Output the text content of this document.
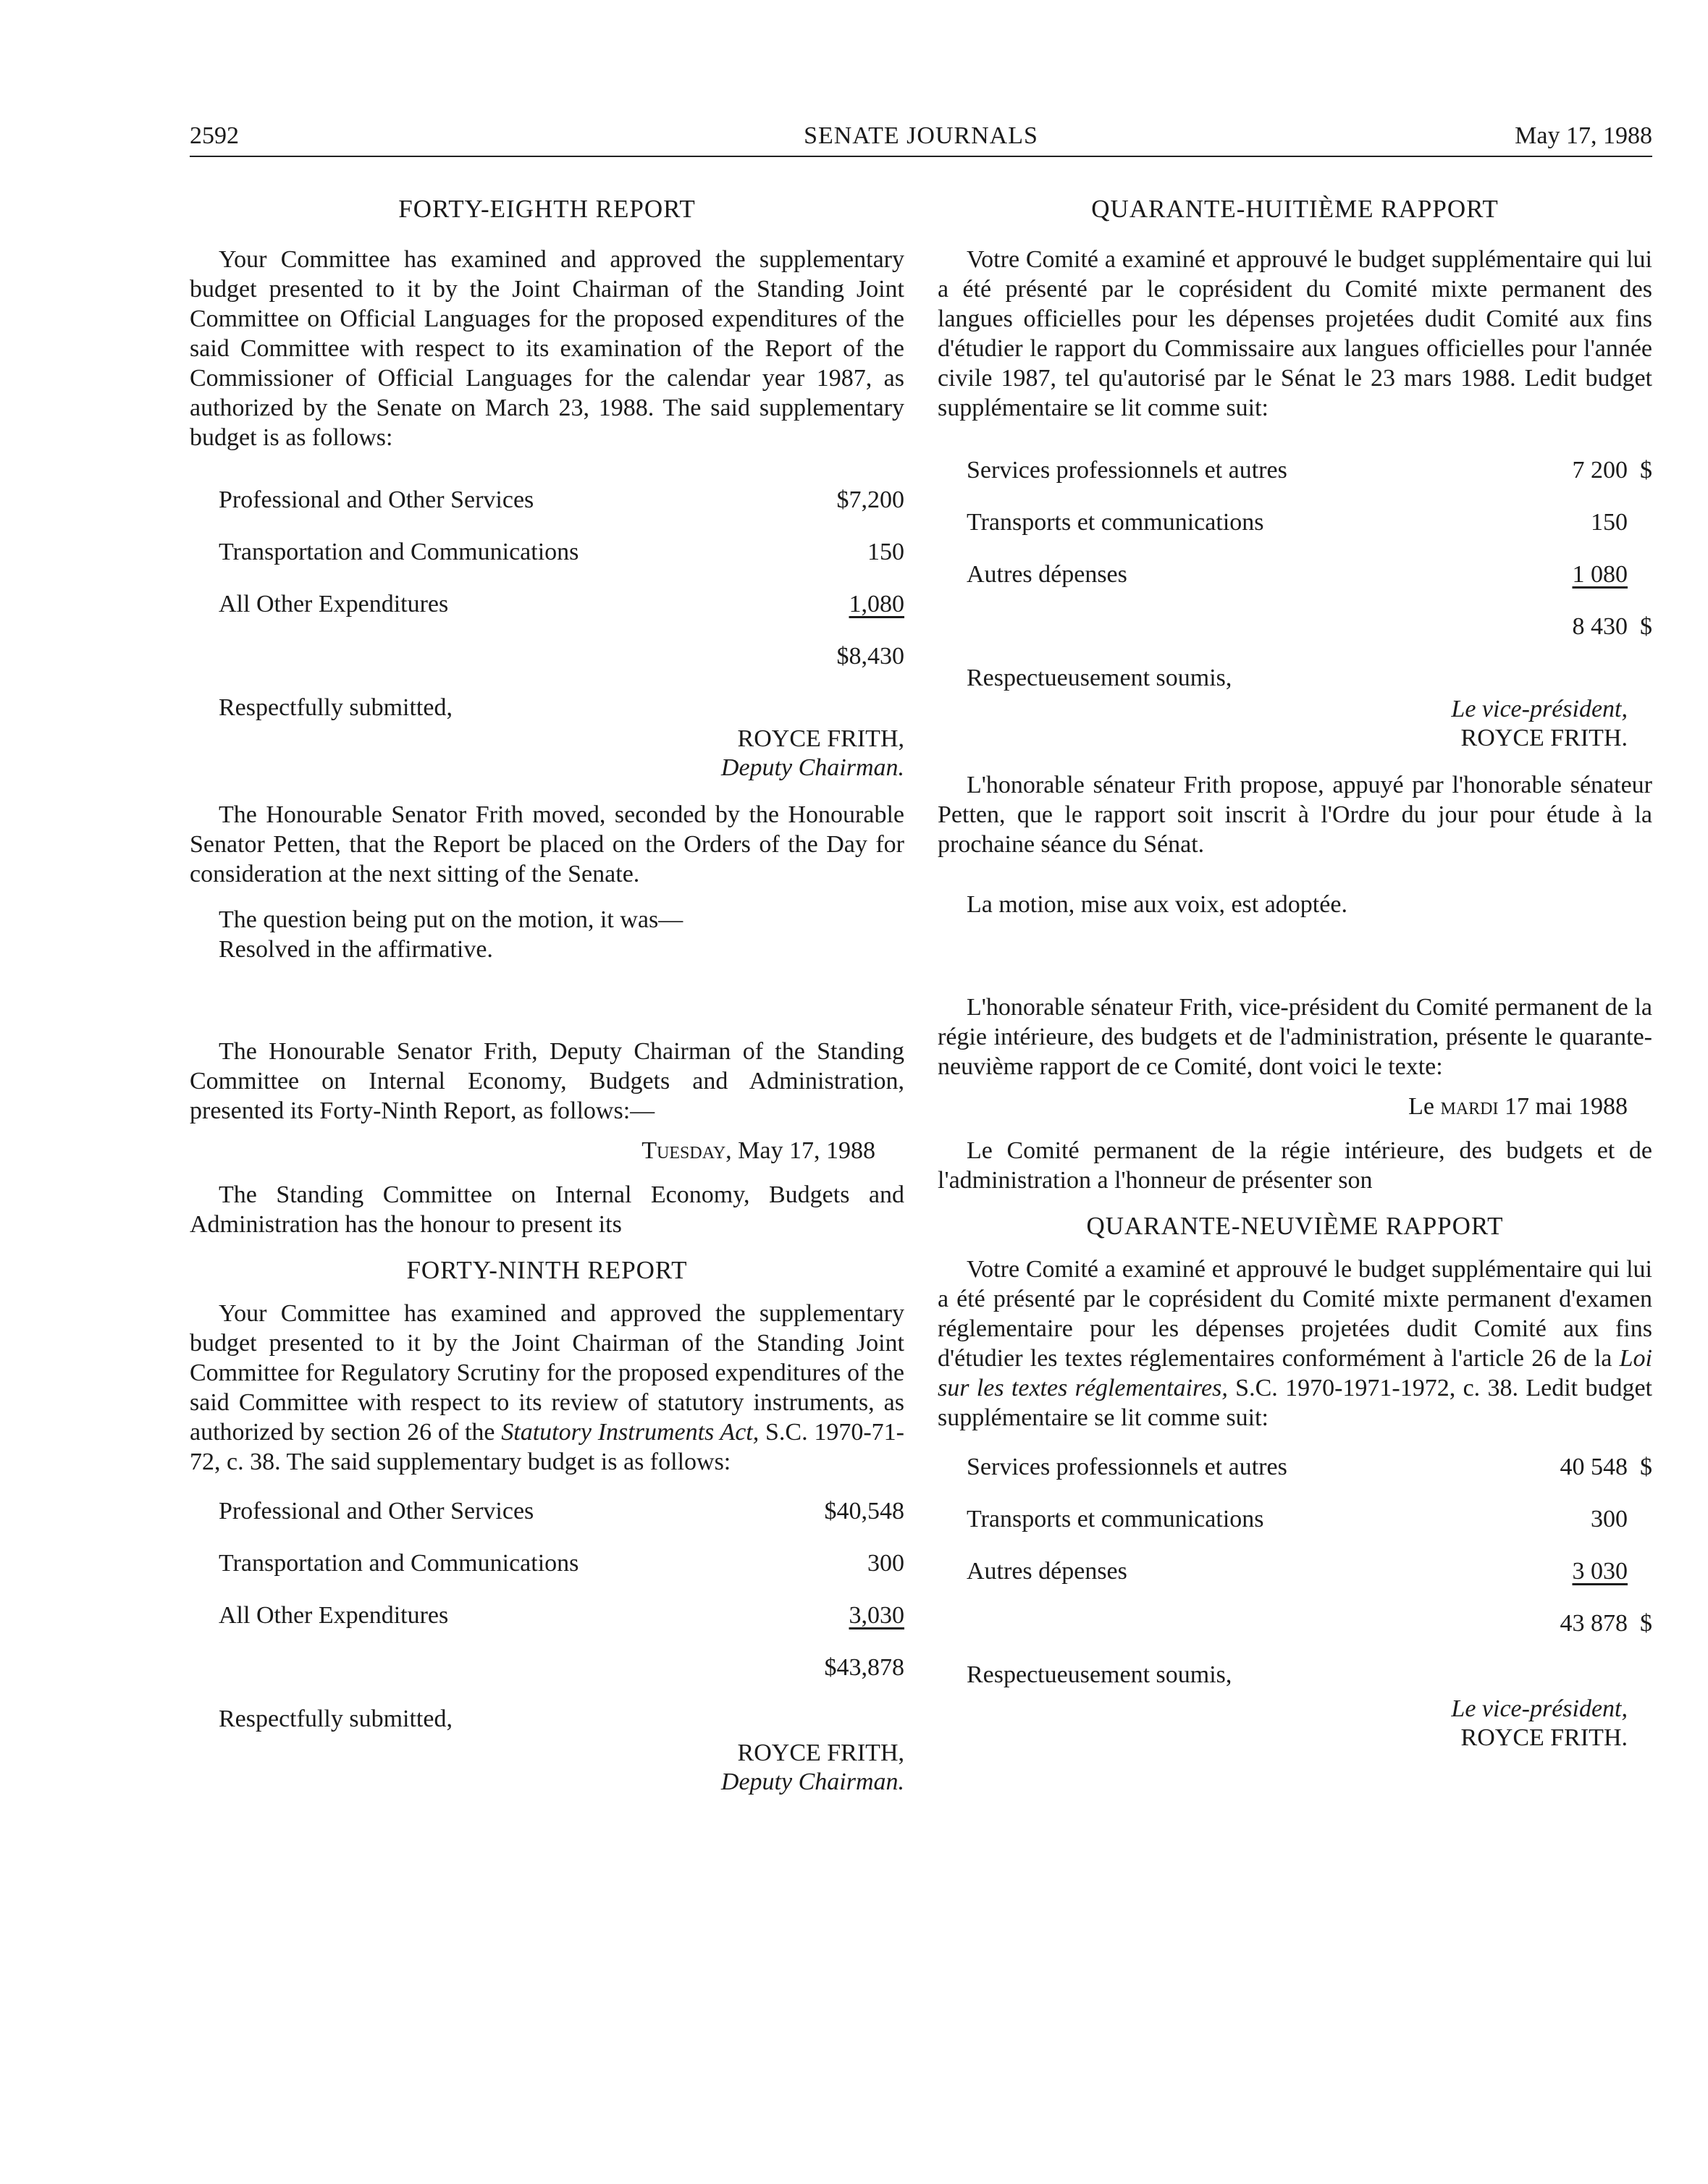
2592	SENATE JOURNALS	May 17, 1988
FORTY-EIGHTH REPORT

Your Committee has examined and approved the supplementary budget presented to it by the Joint Chairman of the Standing Joint Committee on Official Languages for the proposed expenditures of the said Committee with respect to its examination of the Report of the Commissioner of Official Languages for the calendar year 1987, as authorized by the Senate on March 23, 1988. The said supplementary budget is as follows:

Professional and Other Services	$7,200
Transportation and Communications	150
All Other Expenditures	1,080
$8,430
Respectfully submitted,
ROYCE FRITH,
Deputy Chairman.

The Honourable Senator Frith moved, seconded by the Honourable Senator Petten, that the Report be placed on the Orders of the Day for consideration at the next sitting of the Senate.

The question being put on the motion, it was—
Resolved in the affirmative.

The Honourable Senator Frith, Deputy Chairman of the Standing Committee on Internal Economy, Budgets and Administration, presented its Forty-Ninth Report, as follows:—

Tuesday, May 17, 1988

The Standing Committee on Internal Economy, Budgets and Administration has the honour to present its

FORTY-NINTH REPORT

Your Committee has examined and approved the supplementary budget presented to it by the Joint Chairman of the Standing Joint Committee for Regulatory Scrutiny for the proposed expenditures of the said Committee with respect to its review of statutory instruments, as authorized by section 26 of the Statutory Instruments Act, S.C. 1970-71-72, c. 38. The said supplementary budget is as follows:

Professional and Other Services	$40,548
Transportation and Communications	300
All Other Expenditures	3,030
$43,878
Respectfully submitted,
ROYCE FRITH,
Deputy Chairman.
QUARANTE-HUITIÈME RAPPORT

Votre Comité a examiné et approuvé le budget supplémentaire qui lui a été présenté par le coprésident du Comité mixte permanent des langues officielles pour les dépenses projetées dudit Comité aux fins d'étudier le rapport du Commissaire aux langues officielles pour l'année civile 1987, tel qu'autorisé par le Sénat le 23 mars 1988. Ledit budget supplémentaire se lit comme suit:

Services professionnels et autres	7 200 $
Transports et communications	150
Autres dépenses	1 080
8 430 $
Respectueusement soumis,
Le vice-président,
ROYCE FRITH.

L'honorable sénateur Frith propose, appuyé par l'honorable sénateur Petten, que le rapport soit inscrit à l'Ordre du jour pour étude à la prochaine séance du Sénat.

La motion, mise aux voix, est adoptée.

L'honorable sénateur Frith, vice-président du Comité permanent de la régie intérieure, des budgets et de l'administration, présente le quarante-neuvième rapport de ce Comité, dont voici le texte:

Le mardi 17 mai 1988

Le Comité permanent de la régie intérieure, des budgets et de l'administration a l'honneur de présenter son

QUARANTE-NEUVIÈME RAPPORT

Votre Comité a examiné et approuvé le budget supplémentaire qui lui a été présenté par le coprésident du Comité mixte permanent d'examen réglementaire pour les dépenses projetées dudit Comité aux fins d'étudier les textes réglementaires conformément à l'article 26 de la Loi sur les textes réglementaires, S.C. 1970-1971-1972, c. 38. Ledit budget supplémentaire se lit comme suit:

Services professionnels et autres	40 548 $
Transports et communications	300
Autres dépenses	3 030
43 878 $
Respectueusement soumis,
Le vice-président,
ROYCE FRITH.
